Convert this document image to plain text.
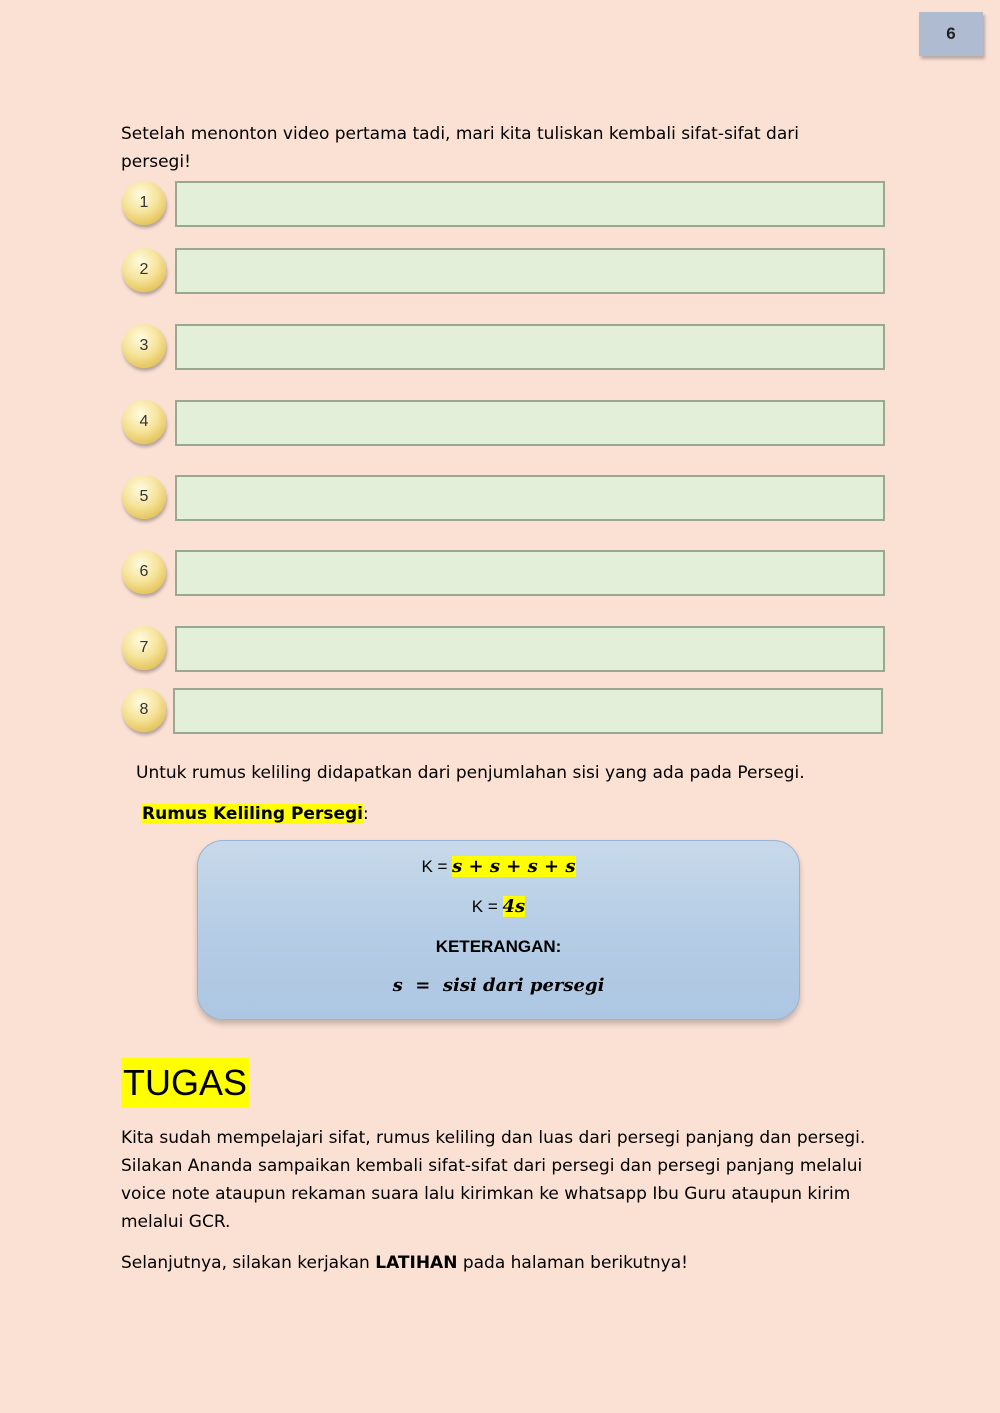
6
Setelah menonton video pertama tadi, mari kita tuliskan kembali sifat-sifat dari persegi!
1
2
3
4
5
6
7
8
Untuk rumus keliling didapatkan dari penjumlahan sisi yang ada pada Persegi.
Rumus Keliling Persegi:
K = s + s + s + s
K = 4s
KETERANGAN:
s  =  sisi dari persegi
TUGAS
Kita sudah mempelajari sifat, rumus keliling dan luas dari persegi panjang dan persegi. Silakan Ananda sampaikan kembali sifat-sifat dari persegi dan persegi panjang melalui voice note ataupun rekaman suara lalu kirimkan ke whatsapp Ibu Guru ataupun kirim melalui GCR.
Selanjutnya, silakan kerjakan LATIHAN pada halaman berikutnya!
